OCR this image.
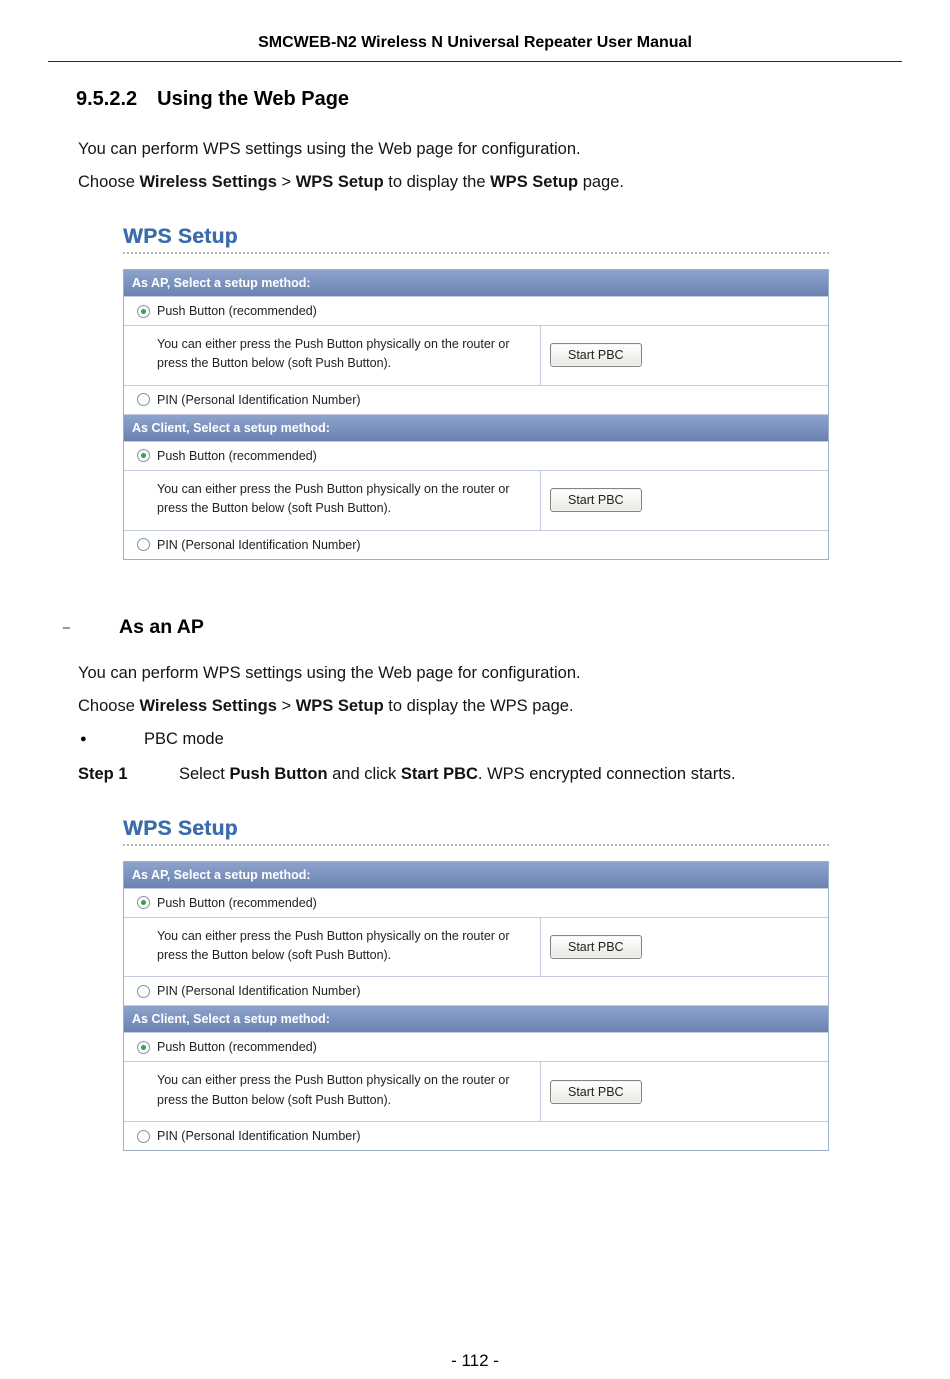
SMCWEB-N2 Wireless N Universal Repeater User Manual
9.5.2.2 Using the Web Page
You can perform WPS settings using the Web page for configuration.
Choose Wireless Settings > WPS Setup to display the WPS Setup page.
WPS Setup
As AP, Select a setup method:
Push Button (recommended)
You can either press the Push Button physically on the router or press the Button below (soft Push Button).
Start PBC
PIN (Personal Identification Number)
As Client, Select a setup method:
Push Button (recommended)
You can either press the Push Button physically on the router or press the Button below (soft Push Button).
Start PBC
PIN (Personal Identification Number)
−	As an AP
You can perform WPS settings using the Web page for configuration.
Choose Wireless Settings > WPS Setup to display the WPS page.
●	PBC mode
Step 1	Select Push Button and click Start PBC. WPS encrypted connection starts.
WPS Setup
As AP, Select a setup method:
Push Button (recommended)
You can either press the Push Button physically on the router or press the Button below (soft Push Button).
Start PBC
PIN (Personal Identification Number)
As Client, Select a setup method:
Push Button (recommended)
You can either press the Push Button physically on the router or press the Button below (soft Push Button).
Start PBC
PIN (Personal Identification Number)
- 112 -
